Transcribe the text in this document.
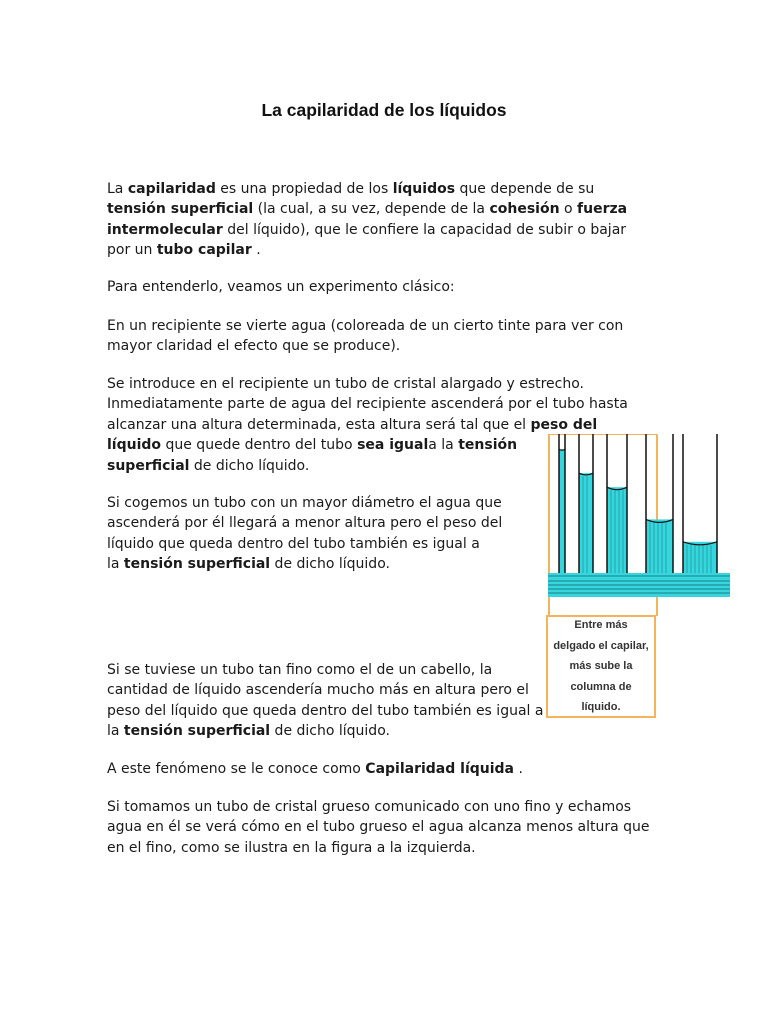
La capilaridad de los líquidos

La capilaridad es una propiedad de los líquidos que depende de su tensión superficial (la cual, a su vez, depende de la cohesión o fuerza intermolecular del líquido), que le confiere la capacidad de subir o bajar por un tubo capilar .

Para entenderlo, veamos un experimento clásico:

En un recipiente se vierte agua (coloreada de un cierto tinte para ver con mayor claridad el efecto que se produce).

Se introduce en el recipiente un tubo de cristal alargado y estrecho.
Inmediatamente parte de agua del recipiente ascenderá por el tubo hasta
alcanzar una altura determinada, esta altura será tal que el peso del
líquido que quede dentro del tubo sea iguala la tensión
superficial de dicho líquido.

Si cogemos un tubo con un mayor diámetro el agua que
ascenderá por él llegará a menor altura pero el peso del
líquido que queda dentro del tubo también es igual a
la tensión superficial de dicho líquido.

Si se tuviese un tubo tan fino como el de un cabello, la
cantidad de líquido ascendería mucho más en altura pero el
peso del líquido que queda dentro del tubo también es igual a
la tensión superficial de dicho líquido.

A este fenómeno se le conoce como Capilaridad líquida .

Si tomamos un tubo de cristal grueso comunicado con uno fino y echamos
agua en él se verá cómo en el tubo grueso el agua alcanza menos altura que
en el fino, como se ilustra en la figura a la izquierda.

Entre más
delgado el capilar,
más sube la
columna de
líquido.
